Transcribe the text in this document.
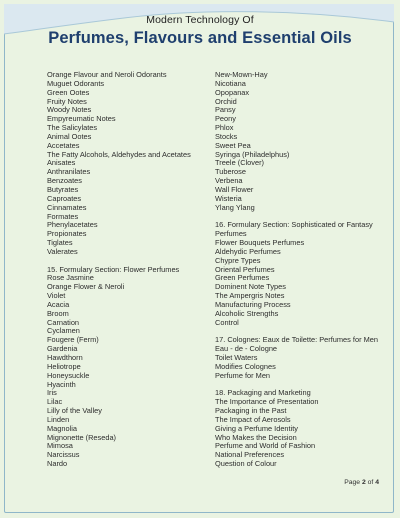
Modern Technology Of
Perfumes, Flavours and Essential Oils
Orange Flavour and Neroli Odorants
Muguet Odorants
Green Ootes
Fruity Notes
Woody Notes
Empyreumatic Notes
The Salicylates
Animal Ootes
Accetates
The Fatty Alcohols, Aldehydes and Acetates
Anisates
Anthranilates
Benzoates
Butyrates
Caproates
Cinnamates
Formates
Phenylacetates
Propionates
Tiglates
Valerates
15. Formulary Section: Flower Perfumes
Rose Jasmine
Orange Flower & Neroli
Violet
Acacia
Broom
Carnation
Cyclamen
Fougere (Ferm)
Gardenia
Hawdthorn
Heliotrope
Honeysuckle
Hyacinth
Iris
Lilac
Lilly of the Valley
Linden
Magnolia
Mignonette (Reseda)
Mimosa
Narcissus
Nardo
New-Mown-Hay
Nicotiana
Opopanax
Orchid
Pansy
Peony
Phlox
Stocks
Sweet Pea
Syringa (Philadelphus)
Treele (Clover)
Tuberose
Verbena
Wall Flower
Wisteria
Ylang Ylang
16. Formulary Section: Sophisticated or Fantasy
Perfumes
Flower Bouquets Perfumes
Aldehydic Perfumes
Chypre Types
Oriental Perfumes
Green Perfumes
Dominent Note Types
The Ampergris Notes
Manufacturing Process
Alcoholic Strengths
Control
17. Colognes: Eaux de Toilette: Perfumes for Men
Eau - de - Cologne
Toilet Waters
Modifies Colognes
Perfume for Men
18. Packaging and Marketing
The Importance of Presentation
Packaging in the Past
The Impact of Aerosols
Giving a Perfume Identity
Who Makes the Decision
Perfume and World of Fashion
National Preferences
Question of Colour
Page 2 of 4
